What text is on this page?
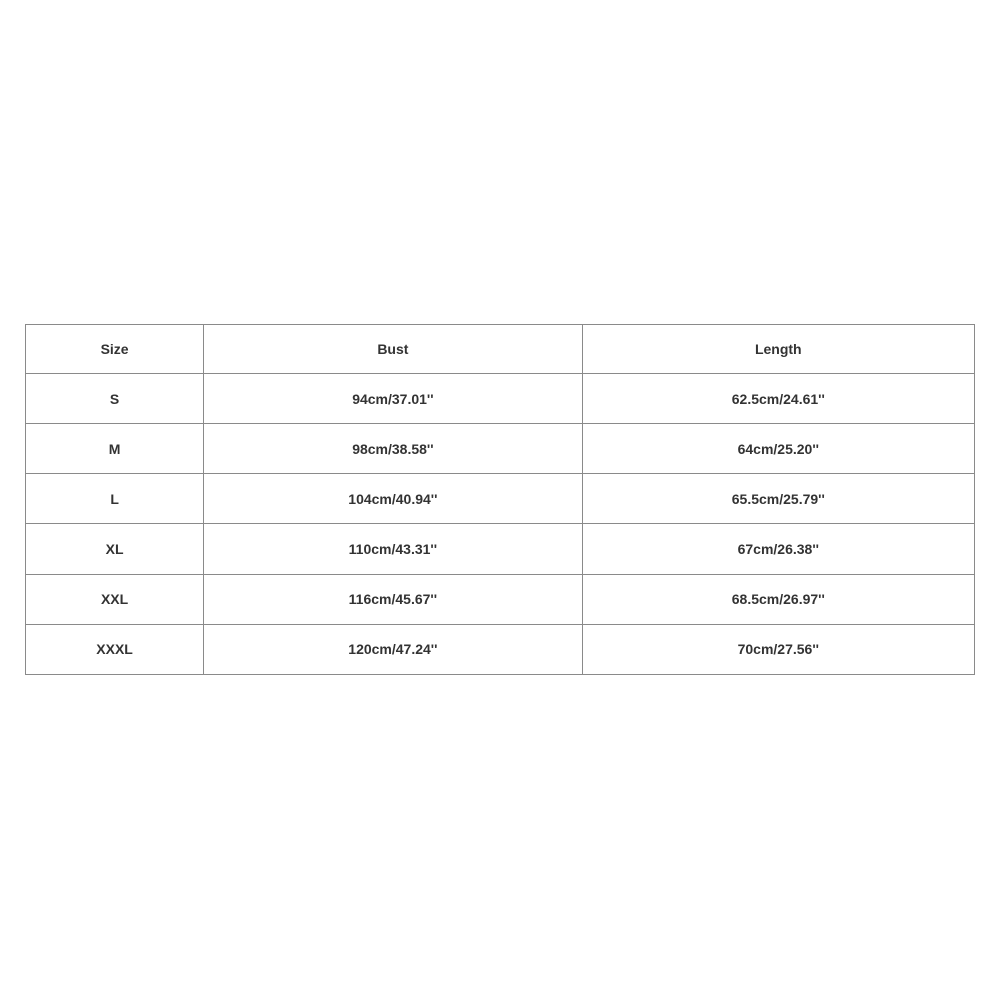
Size	Bust	Length
S	94cm/37.01''	62.5cm/24.61''
M	98cm/38.58''	64cm/25.20''
L	104cm/40.94''	65.5cm/25.79''
XL	110cm/43.31''	67cm/26.38''
XXL	116cm/45.67''	68.5cm/26.97''
XXXL	120cm/47.24''	70cm/27.56''
